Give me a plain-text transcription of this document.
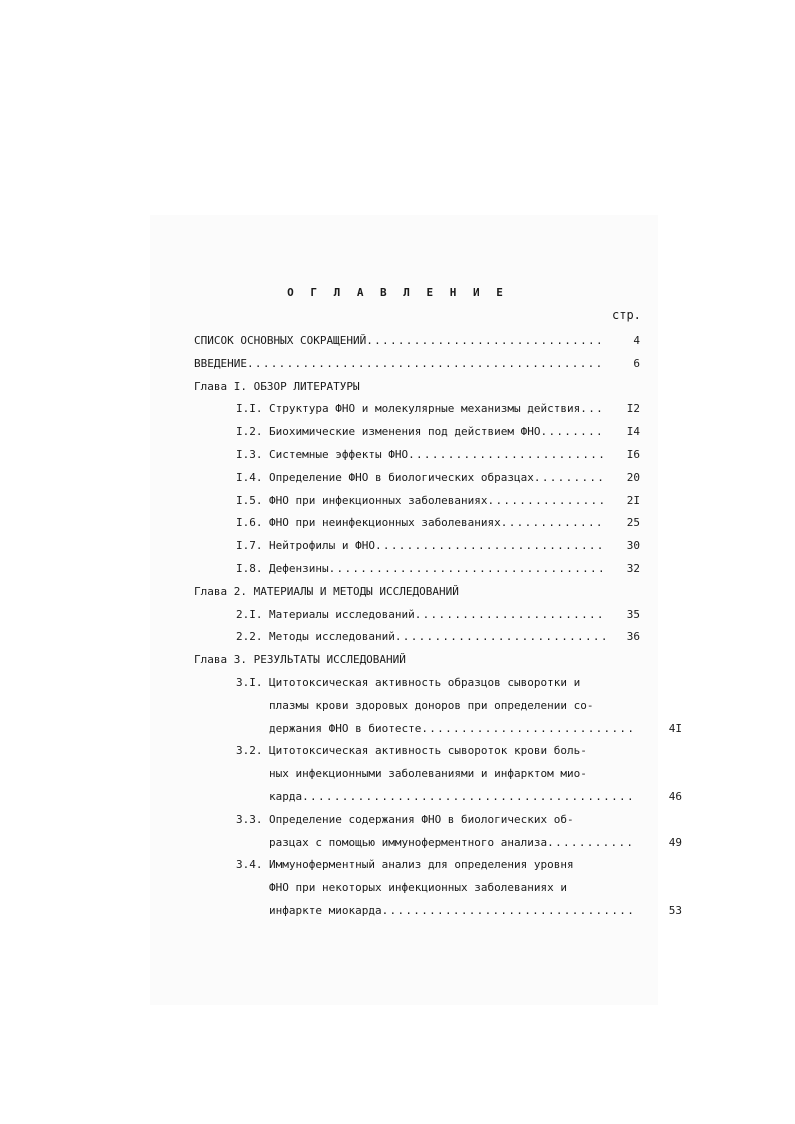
О Г Л А В Л Е Н И Е
стр.
СПИСОК ОСНОВНЫХ СОКРАЩЕНИЙ .....	4
ВВЕДЕНИЕ .....	6
Глава I. ОБЗОР ЛИТЕРАТУРЫ
I.I. Структура ФНО и молекулярные механизмы действия .....	I2
I.2. Биохимические изменения под действием ФНО .....	I4
I.3. Системные эффекты ФНО .....	I6
I.4. Определение ФНО в биологических образцах .....	20
I.5. ФНО при инфекционных заболеваниях .....	2I
I.6. ФНО при неинфекционных заболеваниях .....	25
I.7. Нейтрофилы и ФНО .....	30
I.8. Дефензины .....	32
Глава 2. МАТЕРИАЛЫ И МЕТОДЫ ИССЛЕДОВАНИЙ
2.I. Материалы исследований .....	35
2.2. Методы исследований .....	36
Глава 3. РЕЗУЛЬТАТЫ ИССЛЕДОВАНИЙ
3.I. Цитотоксическая активность образцов сыворотки и
плазмы крови здоровых доноров при определении со-
держания ФНО в биотесте .....	4I
3.2. Цитотоксическая активность сывороток крови боль-
ных инфекционными заболеваниями и инфарктом мио-
карда .....	46
3.3. Определение содержания ФНО в биологических об-
разцах с помощью иммуноферментного анализа .....	49
3.4. Иммуноферментный анализ для определения уровня
ФНО при некоторых инфекционных заболеваниях и
инфаркте миокарда .....	53
